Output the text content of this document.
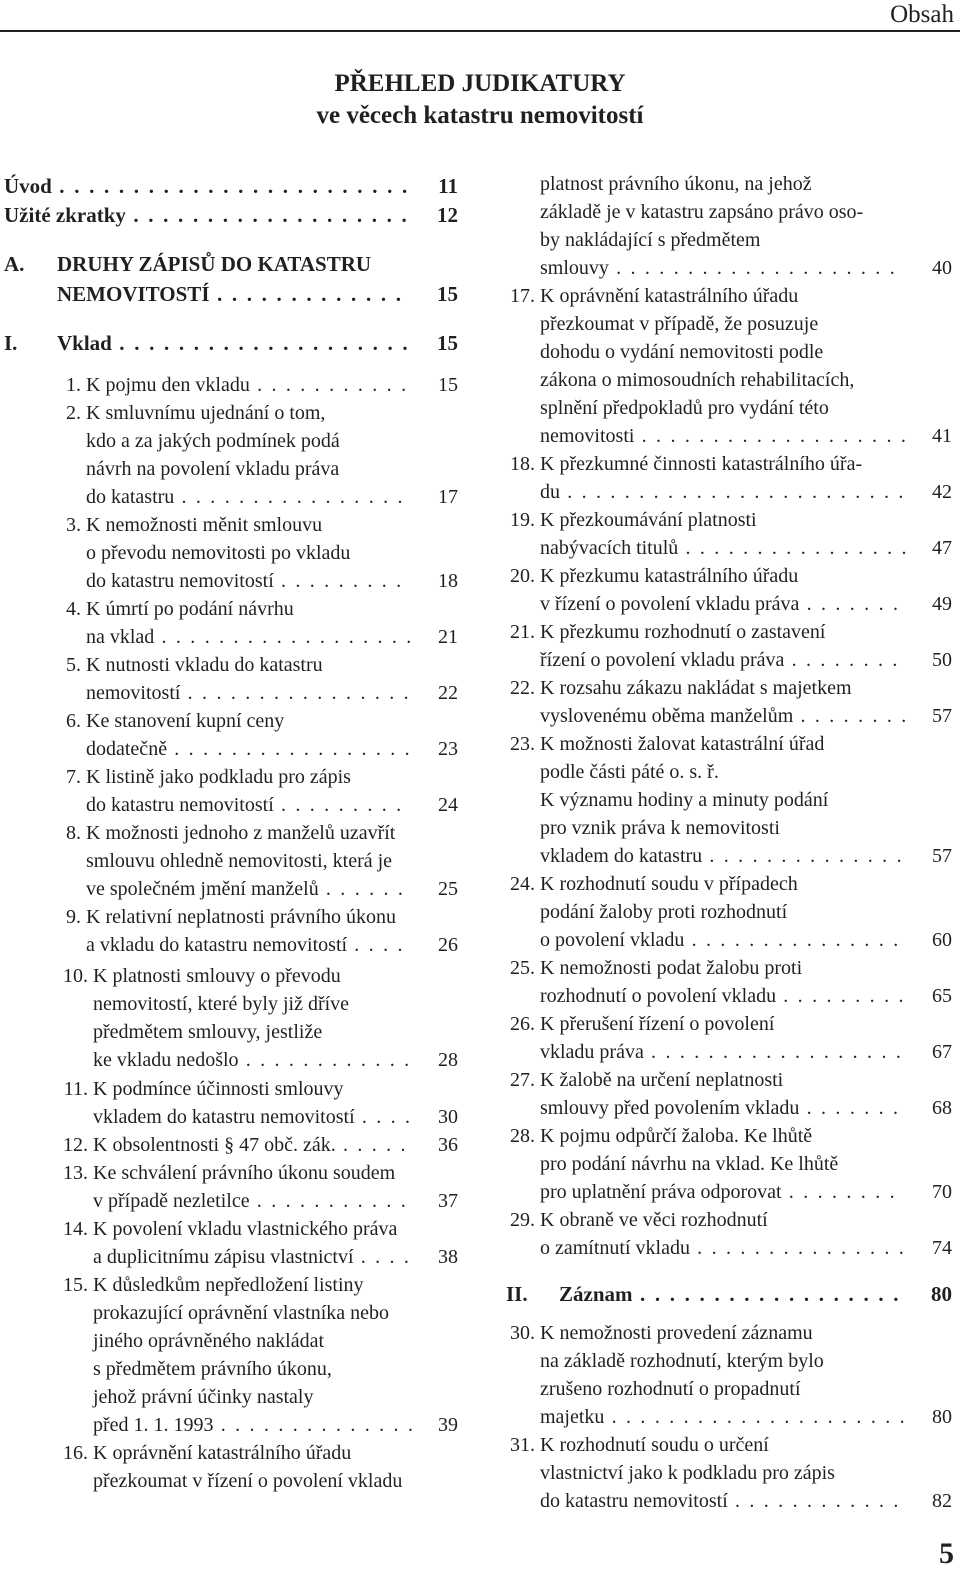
Obsah
PŘEHLED JUDIKATURY
ve věcech katastru nemovitostí
Úvod . . . . . . . . . . . . . . . . . . . . . . . . 11
Užité zkratky . . . . . . . . . . . . . . . . . . . 12
A. DRUHY ZÁPISŮ DO KATASTRU
NEMOVITOSTÍ . . . . . . . . . . . . . 15
I. Vklad . . . . . . . . . . . . . . . . . . . . 15
1. K pojmu den vkladu . . . . . . . . . . . 15
2. K smluvnímu ujednání o tom,
kdo a za jakých podmínek podá
návrh na povolení vkladu práva
do katastru . . . . . . . . . . . . . . . . 17
3. K nemožnosti měnit smlouvu
o převodu nemovitosti po vkladu
do katastru nemovitostí . . . . . . . . . 18
4. K úmrtí po podání návrhu
na vklad . . . . . . . . . . . . . . . . . . 21
5. K nutnosti vkladu do katastru
nemovitostí . . . . . . . . . . . . . . . . 22
6. Ke stanovení kupní ceny
dodatečně . . . . . . . . . . . . . . . . . 23
7. K listině jako podkladu pro zápis
do katastru nemovitostí . . . . . . . . . 24
8. K možnosti jednoho z manželů uzavřít
smlouvu ohledně nemovitosti, která je
ve společném jmění manželů . . . . . . 25
9. K relativní neplatnosti právního úkonu
a vkladu do katastru nemovitostí . . . . 26
10. K platnosti smlouvy o převodu
nemovitostí, které byly již dříve
předmětem smlouvy, jestliže
ke vkladu nedošlo . . . . . . . . . . . . 28
11. K podmínce účinnosti smlouvy
vkladem do katastru nemovitostí . . . . 30
12. K obsolentnosti § 47 obč. zák. . . . . . 36
13. Ke schválení právního úkonu soudem
v případě nezletilce . . . . . . . . . . . 37
14. K povolení vkladu vlastnického práva
a duplicitnímu zápisu vlastnictví . . . . 38
15. K důsledkům nepředložení listiny
prokazující oprávnění vlastníka nebo
jiného oprávněného nakládat
s předmětem právního úkonu,
jehož právní účinky nastaly
před 1. 1. 1993 . . . . . . . . . . . . . . 39
16. K oprávnění katastrálního úřadu
přezkoumat v řízení o povolení vkladu
platnost právního úkonu, na jehož
základě je v katastru zapsáno právo oso-
by nakládající s předmětem
smlouvy . . . . . . . . . . . . . . . . . . . . 40
17. K oprávnění katastrálního úřadu
přezkoumat v případě, že posuzuje
dohodu o vydání nemovitosti podle
zákona o mimosoudních rehabilitacích,
splnění předpokladů pro vydání této
nemovitosti . . . . . . . . . . . . . . . . . . . 41
18. K přezkumné činnosti katastrálního úřa-
du . . . . . . . . . . . . . . . . . . . . . . . . 42
19. K přezkoumávání platnosti
nabývacích titulů . . . . . . . . . . . . . . . . 47
20. K přezkumu katastrálního úřadu
v řízení o povolení vkladu práva . . . . . . . 49
21. K přezkumu rozhodnutí o zastavení
řízení o povolení vkladu práva . . . . . . . . 50
22. K rozsahu zákazu nakládat s majetkem
vyslovenému oběma manželům . . . . . . . . 57
23. K možnosti žalovat katastrální úřad
podle části páté o. s. ř.
K významu hodiny a minuty podání
pro vznik práva k nemovitosti
vkladem do katastru . . . . . . . . . . . . . . 57
24. K rozhodnutí soudu v případech
podání žaloby proti rozhodnutí
o povolení vkladu . . . . . . . . . . . . . . . 60
25. K nemožnosti podat žalobu proti
rozhodnutí o povolení vkladu . . . . . . . . . 65
26. K přerušení řízení o povolení
vkladu práva . . . . . . . . . . . . . . . . . . 67
27. K žalobě na určení neplatnosti
smlouvy před povolením vkladu . . . . . . . 68
28. K pojmu odpůrčí žaloba. Ke lhůtě
pro podání návrhu na vklad. Ke lhůtě
pro uplatnění práva odporovat . . . . . . . . 70
29. K obraně ve věci rozhodnutí
o zamítnutí vkladu . . . . . . . . . . . . . . . 74
II. Záznam . . . . . . . . . . . . . . . . . . 80
30. K nemožnosti provedení záznamu
na základě rozhodnutí, kterým bylo
zrušeno rozhodnutí o propadnutí
majetku . . . . . . . . . . . . . . . . . . . . . 80
31. K rozhodnutí soudu o určení
vlastnictví jako k podkladu pro zápis
do katastru nemovitostí . . . . . . . . . . . . 82
5
